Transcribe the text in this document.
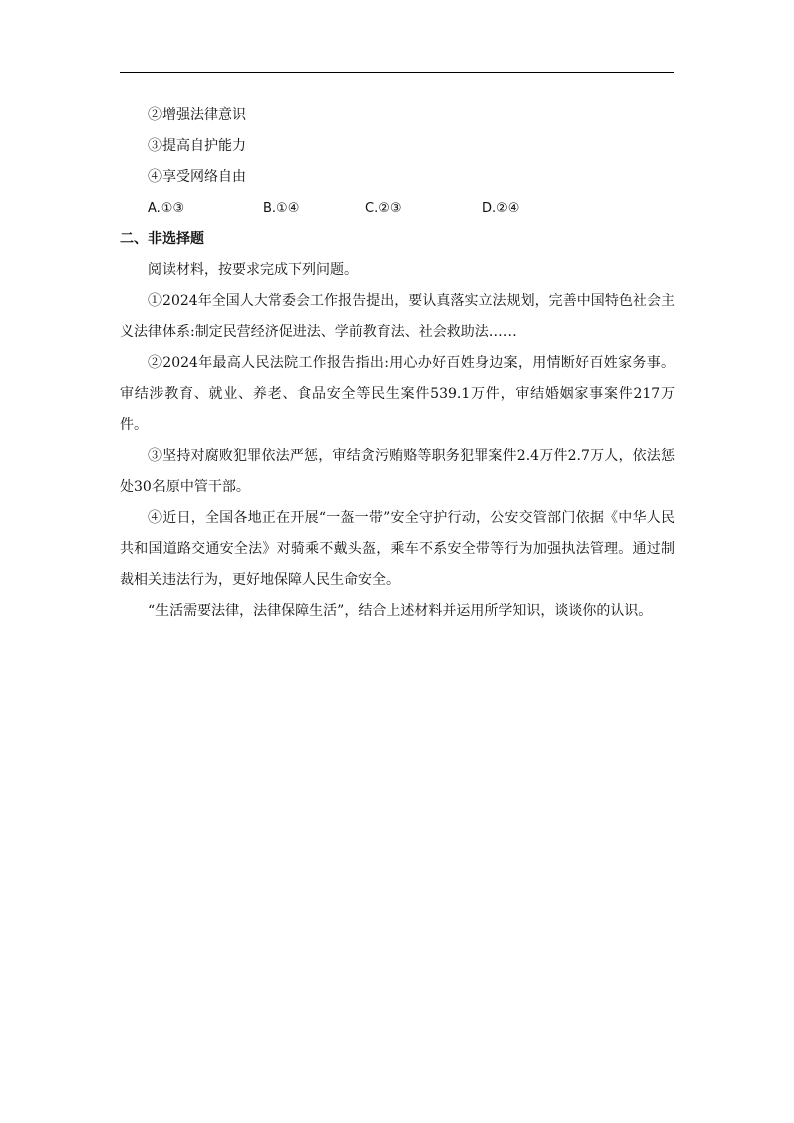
②增强法律意识

③提高自护能力

④享受网络自由

A.①③	B.①④	C.②③	D.②④

二、非选择题

阅读材料，按要求完成下列问题。

①2024年全国人大常委会工作报告提出，要认真落实立法规划，完善中国特色社会主义法律体系:制定民营经济促进法、学前教育法、社会救助法……

②2024年最高人民法院工作报告指出:用心办好百姓身边案，用情断好百姓家务事。审结涉教育、就业、养老、食品安全等民生案件539.1万件，审结婚姻家事案件217万件。

③坚持对腐败犯罪依法严惩，审结贪污贿赂等职务犯罪案件2.4万件2.7万人，依法惩处30名原中管干部。

④近日，全国各地正在开展“一盔一带”安全守护行动，公安交管部门依据《中华人民共和国道路交通安全法》对骑乘不戴头盔，乘车不系安全带等行为加强执法管理。通过制裁相关违法行为，更好地保障人民生命安全。

“生活需要法律，法律保障生活”，结合上述材料并运用所学知识，谈谈你的认识。
